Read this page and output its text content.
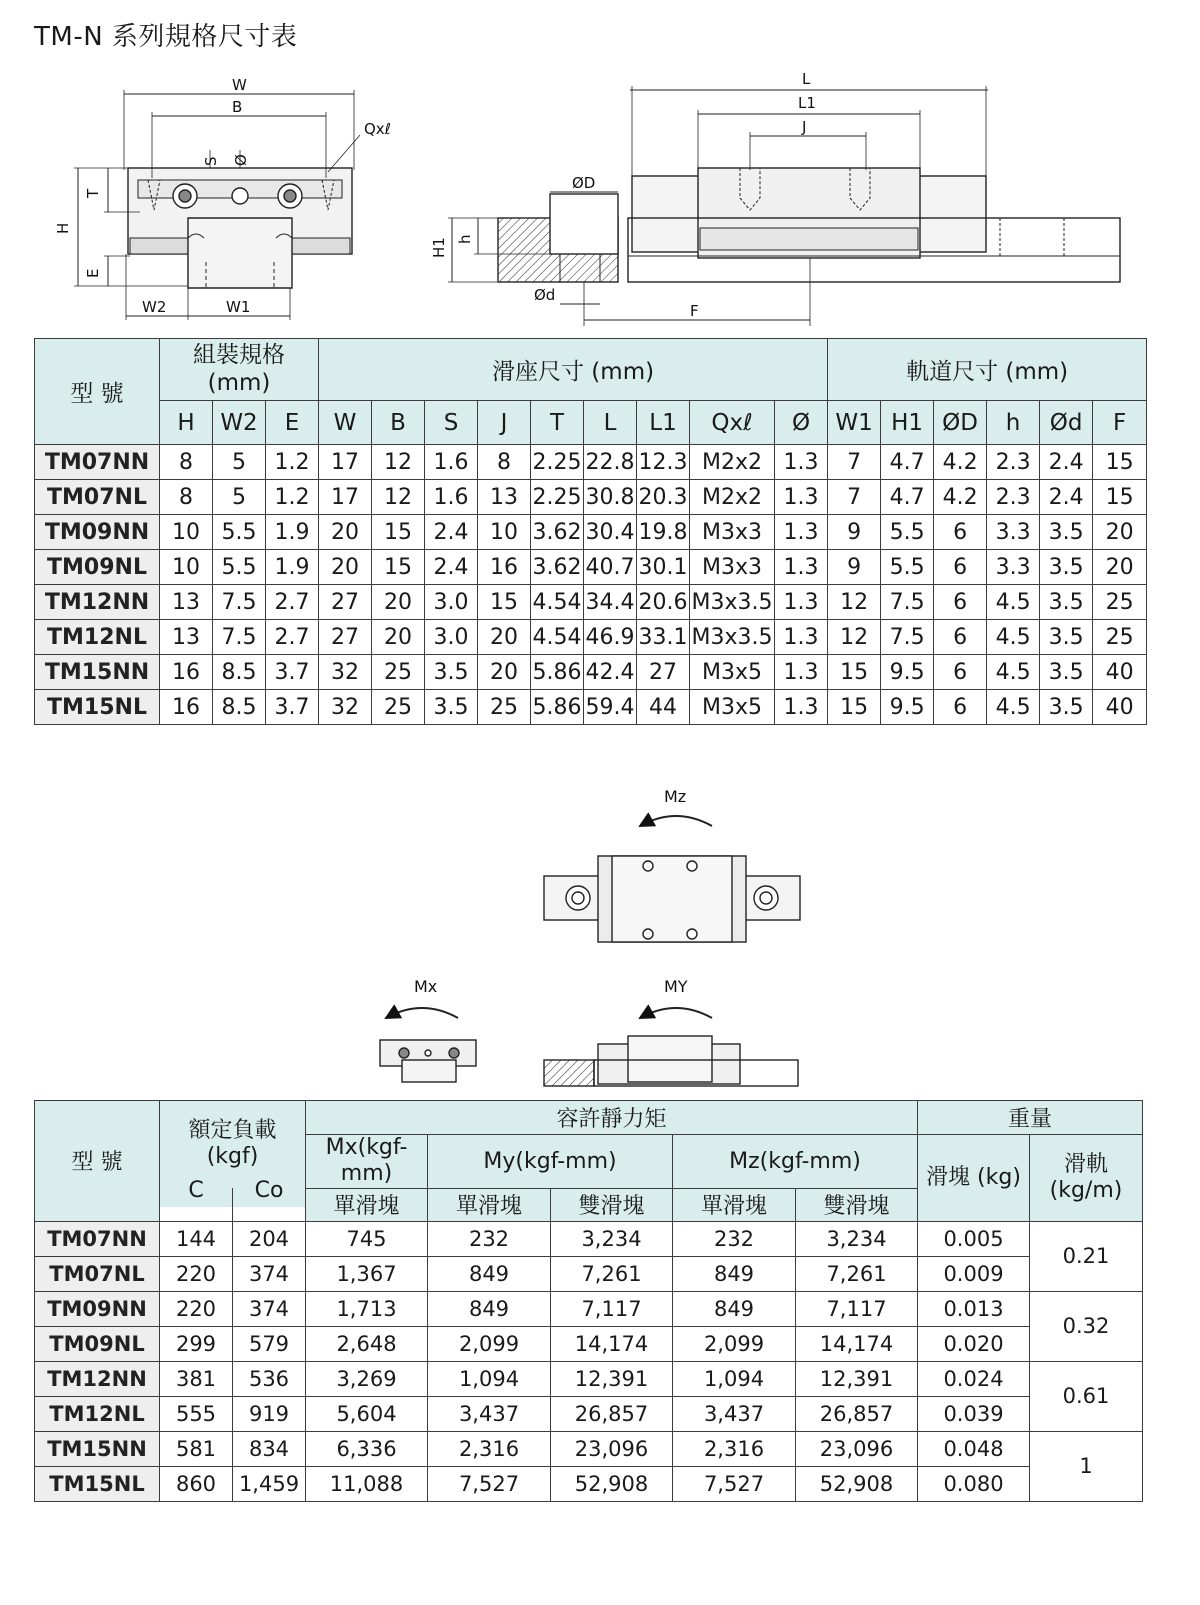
TM-N 系列規格尺寸表
W
B
Qxℓ
S Ø
T
H
E
W2	W1
L
L1
J
ØD
H1 h
Ød
F
Mz
Mx	MY
型 號	組裝規格 (mm)			滑座尺寸 (mm)									軌道尺寸 (mm)					
	H	W2	E	W	B	S	J	T	L	L1	Qxℓ	Ø	W1	H1	ØD	h	Ød	F
TM07NN	8	5	1.2	17	12	1.6	8	2.25	22.8	12.3	M2x2	1.3	7	4.7	4.2	2.3	2.4	15
TM07NL	8	5	1.2	17	12	1.6	13	2.25	30.8	20.3	M2x2	1.3	7	4.7	4.2	2.3	2.4	15
TM09NN	10	5.5	1.9	20	15	2.4	10	3.62	30.4	19.8	M3x3	1.3	9	5.5	6	3.3	3.5	20
TM09NL	10	5.5	1.9	20	15	2.4	16	3.62	40.7	30.1	M3x3	1.3	9	5.5	6	3.3	3.5	20
TM12NN	13	7.5	2.7	27	20	3.0	15	4.54	34.4	20.6	M3x3.5	1.3	12	7.5	6	4.5	3.5	25
TM12NL	13	7.5	2.7	27	20	3.0	20	4.54	46.9	33.1	M3x3.5	1.3	12	7.5	6	4.5	3.5	25
TM15NN	16	8.5	3.7	32	25	3.5	20	5.86	42.4	27	M3x5	1.3	15	9.5	6	4.5	3.5	40
TM15NL	16	8.5	3.7	32	25	3.5	25	5.86	59.4	44	M3x5	1.3	15	9.5	6	4.5	3.5	40
型 號	額定負載 (kgf)		容許靜力矩					重量	
			Mx(kgf- mm)	My(kgf-mm)		Mz(kgf-mm)		滑塊 (kg)	滑軌 (kg/m)
	C	Co	單滑塊	單滑塊	雙滑塊	單滑塊	雙滑塊		
TM07NN	144	204	745	232	3,234	232	3,234	0.005	0.21
TM07NL	220	374	1,367	849	7,261	849	7,261	0.009	
TM09NN	220	374	1,713	849	7,117	849	7,117	0.013	0.32
TM09NL	299	579	2,648	2,099	14,174	2,099	14,174	0.020	
TM12NN	381	536	3,269	1,094	12,391	1,094	12,391	0.024	0.61
TM12NL	555	919	5,604	3,437	26,857	3,437	26,857	0.039	
TM15NN	581	834	6,336	2,316	23,096	2,316	23,096	0.048	1
TM15NL	860	1,459	11,088	7,527	52,908	7,527	52,908	0.080	
